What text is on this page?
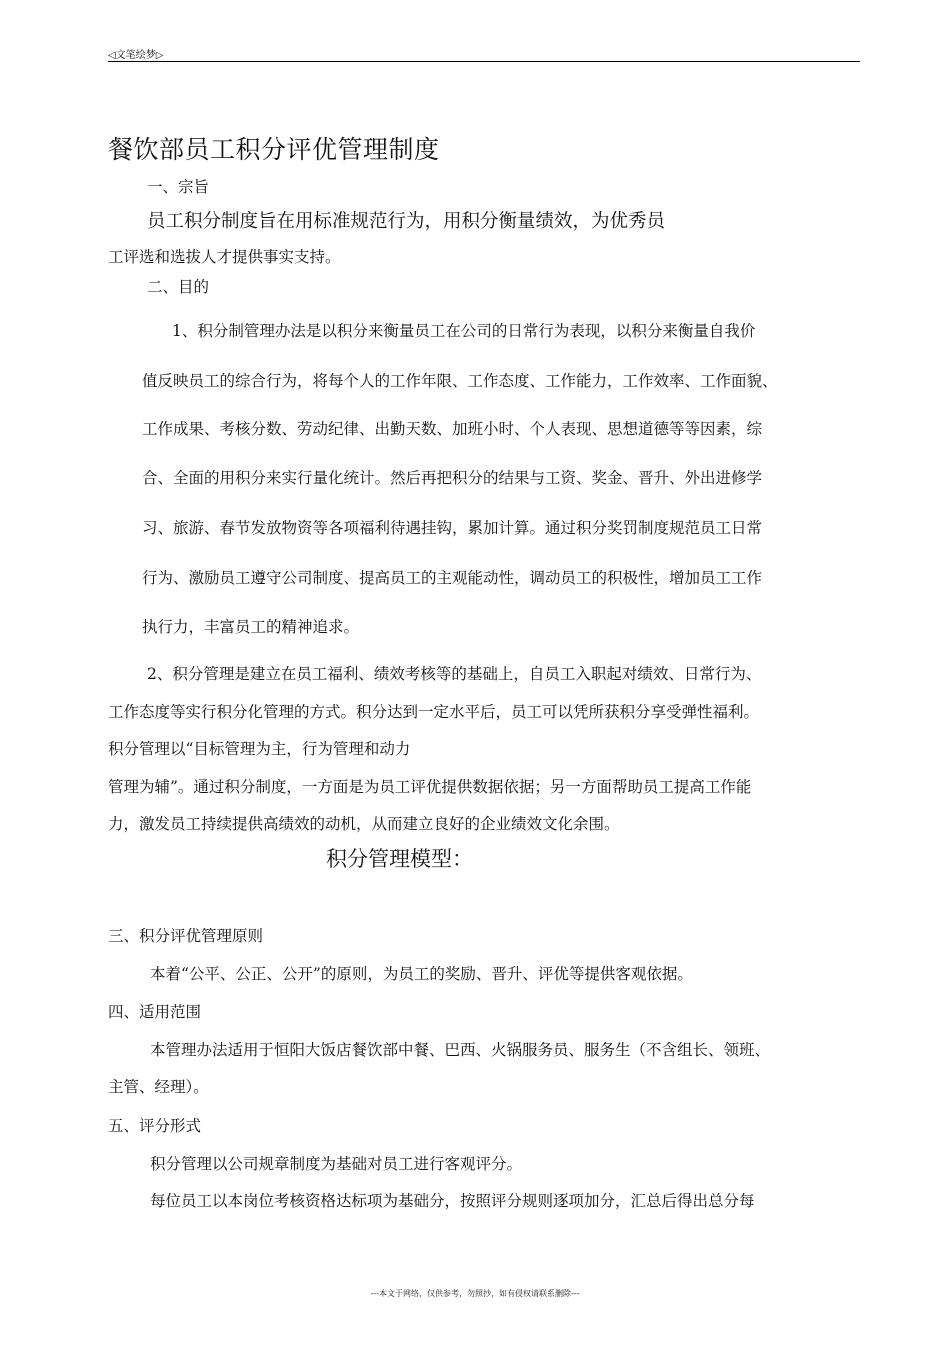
◁文笔绘梦▷
餐饮部员工积分评优管理制度
一、宗旨
员工积分制度旨在用标准规范行为，用积分衡量绩效，为优秀员
工评选和选拔人才提供事实支持。
二、目的
1、积分制管理办法是以积分来衡量员工在公司的日常行为表现，以积分来衡量自我价
值反映员工的综合行为，将每个人的工作年限、工作态度、工作能力，工作效率、工作面貌、
工作成果、考核分数、劳动纪律、出勤天数、加班小时、个人表现、思想道德等等因素，综
合、全面的用积分来实行量化统计。然后再把积分的结果与工资、奖金、晋升、外出进修学
习、旅游、春节发放物资等各项福利待遇挂钩，累加计算。通过积分奖罚制度规范员工日常
行为、激励员工遵守公司制度、提高员工的主观能动性，调动员工的积极性，增加员工工作
执行力，丰富员工的精神追求。
2、积分管理是建立在员工福利、绩效考核等的基础上，自员工入职起对绩效、日常行为、
工作态度等实行积分化管理的方式。积分达到一定水平后，员工可以凭所获积分享受弹性福利。
积分管理以“目标管理为主，行为管理和动力
管理为辅”。通过积分制度，一方面是为员工评优提供数据依据；另一方面帮助员工提高工作能
力，激发员工持续提供高绩效的动机，从而建立良好的企业绩效文化余围。
积分管理模型：
三、积分评优管理原则
本着“公平、公正、公开”的原则，为员工的奖励、晋升、评优等提供客观依据。
四、适用范围
本管理办法适用于恒阳大饭店餐饮部中餐、巴西、火锅服务员、服务生（不含组长、领班、
主管、经理）。
五、评分形式
积分管理以公司规章制度为基础对员工进行客观评分。
每位员工以本岗位考核资格达标项为基础分，按照评分规则逐项加分，汇总后得出总分每
---本文于网络，仅供参考，勿照抄，如有侵权请联系删除---
